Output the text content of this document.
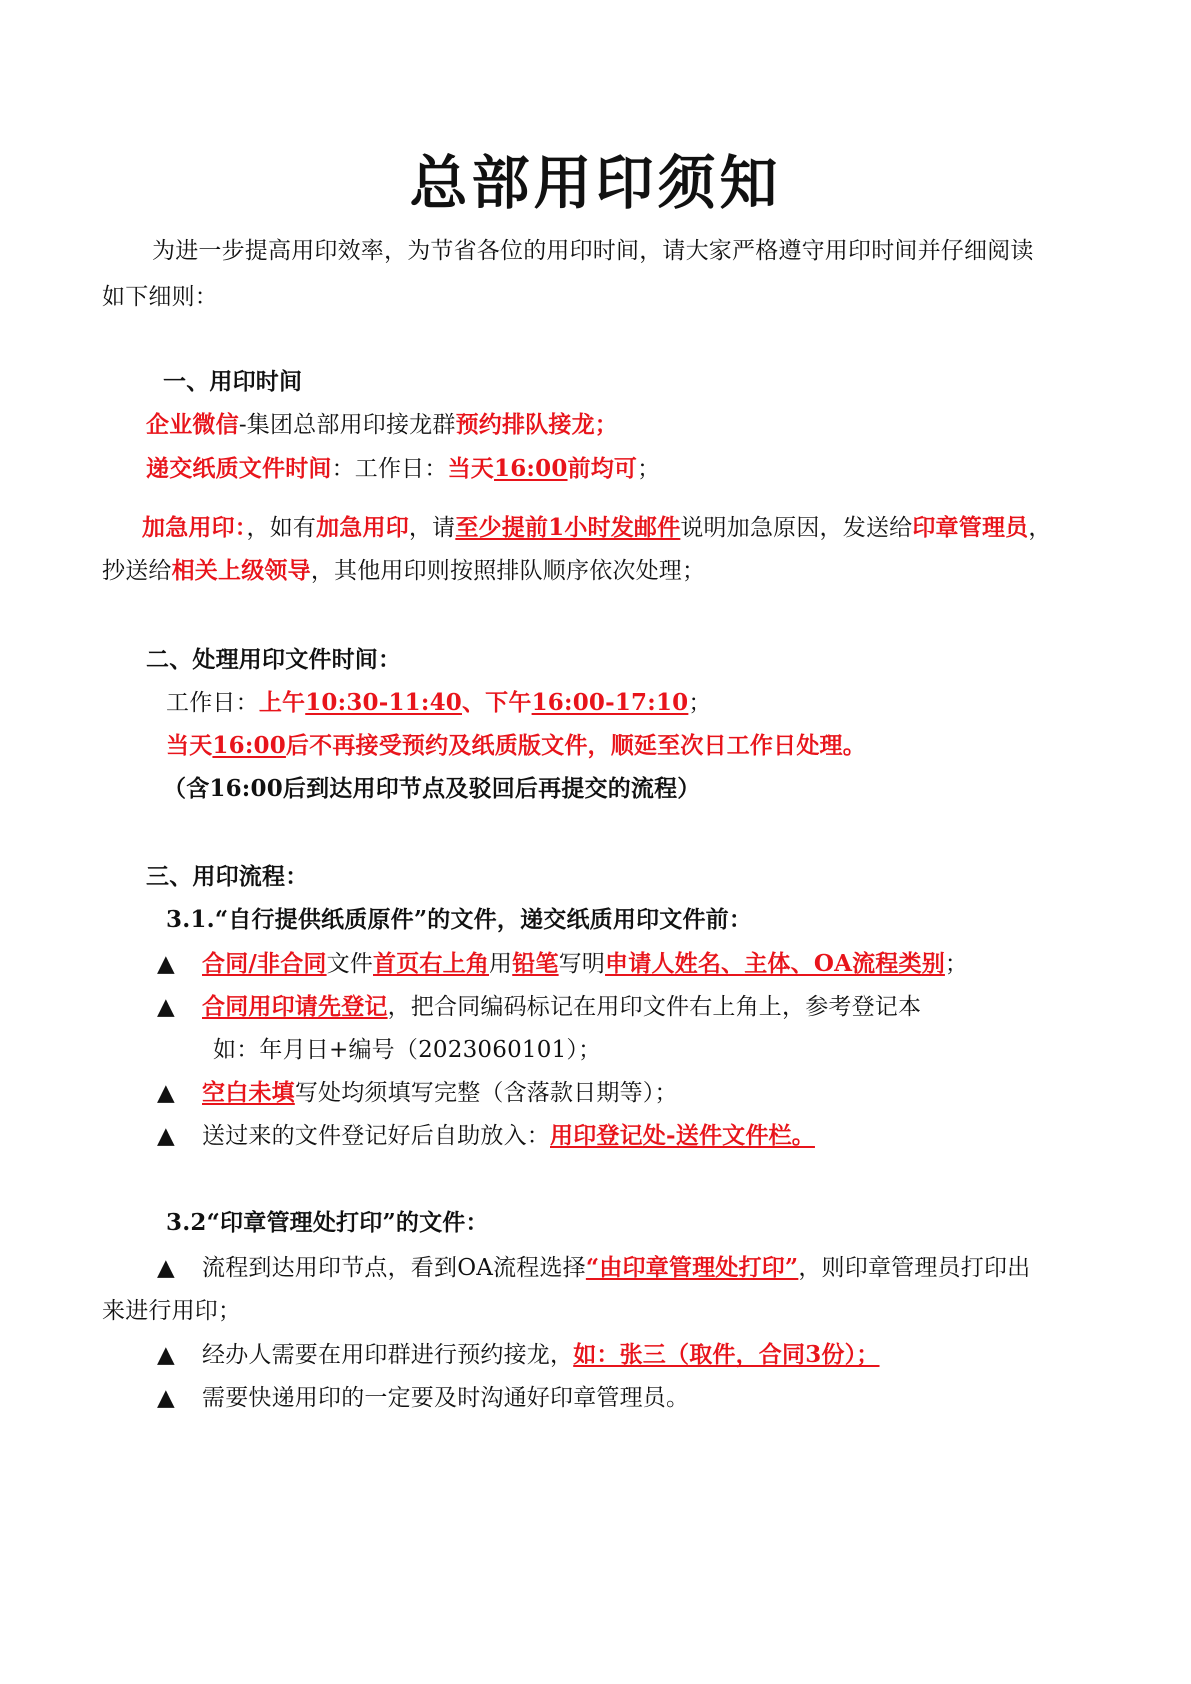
总部用印须知
为进一步提高用印效率，为节省各位的用印时间，请大家严格遵守用印时间并仔细阅读
如下细则：
一、用印时间
企业微信-集团总部用印接龙群预约排队接龙；
递交纸质文件时间：工作日：当天16:00前均可；
加急用印：，如有加急用印，请至少提前1小时发邮件说明加急原因，发送给印章管理员，
抄送给相关上级领导，其他用印则按照排队顺序依次处理；
二、处理用印文件时间：
工作日：上午10:30-11:40、下午16:00-17:10；
当天16:00后不再接受预约及纸质版文件，顺延至次日工作日处理。
（含16:00后到达用印节点及驳回后再提交的流程）
三、用印流程：
3.1.“自行提供纸质原件”的文件，递交纸质用印文件前：
▲ 合同/非合同文件首页右上角用铅笔写明申请人姓名、主体、OA流程类别；
▲ 合同用印请先登记，把合同编码标记在用印文件右上角上，参考登记本
如：年月日+编号（2023060101）；
▲ 空白未填写处均须填写完整（含落款日期等）；
▲ 送过来的文件登记好后自助放入：用印登记处-送件文件栏。
3.2“印章管理处打印”的文件：
▲ 流程到达用印节点，看到OA流程选择“由印章管理处打印”，则印章管理员打印出
来进行用印；
▲ 经办人需要在用印群进行预约接龙，如：张三（取件，合同3份）；
▲ 需要快递用印的一定要及时沟通好印章管理员。
